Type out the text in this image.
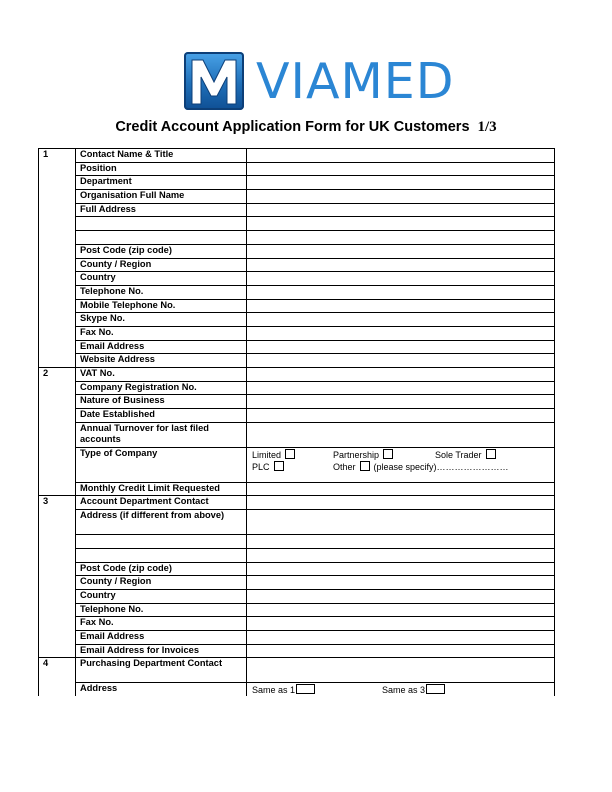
VIAMED
Credit Account Application Form for UK Customers 1/3
1	Contact Name & Title	
	Position	
	Department	
	Organisation Full Name	
	Full Address	

	Post Code (zip code)	
	County / Region	
	Country	
	Telephone No.	
	Mobile Telephone No.	
	Skype No.	
	Fax No.	
	Email Address	
	Website Address	
2	VAT No.	
	Company Registration No.	
	Nature of Business	
	Date Established	
	Annual Turnover for last filed accounts	
	Type of Company	Limited Partnership Sole Trader
PLC Other (please specify)……………………

	Monthly Credit Limit Requested	
3	Account Department Contact	
	Address (if different from above)	

	Post Code (zip code)	
	County / Region	
	Country	
	Telephone No.	
	Fax No.	
	Email Address	
	Email Address for Invoices	
4	Purchasing Department Contact	
	Address	Same as 1 Same as 3
